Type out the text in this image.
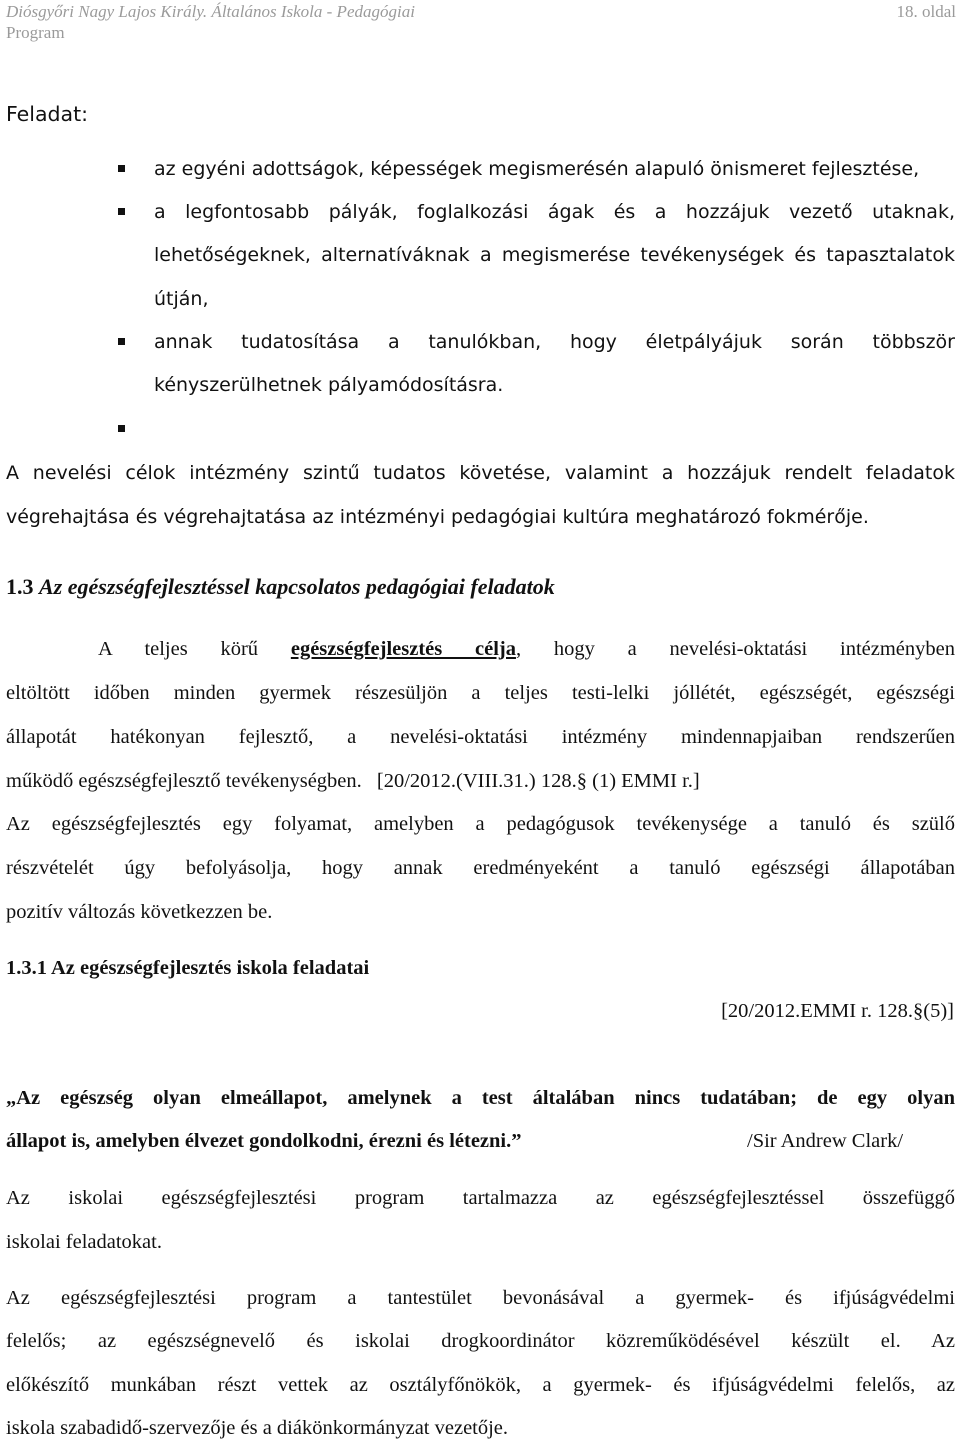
Diósgyőri Nagy Lajos Király. Általános Iskola - Pedagógiai
Program
18. oldal
Feladat:
az egyéni adottságok, képességek megismerésén alapuló önismeret fejlesztése,
a legfontosabb pályák, foglalkozási ágak és a hozzájuk vezető utaknak,
lehetőségeknek, alternatíváknak a megismerése tevékenységek és tapasztalatok
útján,
annak tudatosítása a tanulókban, hogy életpályájuk során többször
kényszerülhetnek pályamódosításra.
A nevelési célok intézmény szintű tudatos követése, valamint a hozzájuk rendelt feladatok
végrehajtása és végrehajtatása az intézményi pedagógiai kultúra meghatározó fokmérője.
1.3 Az egészségfejlesztéssel kapcsolatos pedagógiai feladatok
A teljes körű egészségfejlesztés célja, hogy a nevelési-oktatási intézményben
eltöltött időben minden gyermek részesüljön a teljes testi-lelki jóllétét, egészségét, egészségi
állapotát hatékonyan fejlesztő, a nevelési-oktatási intézmény mindennapjaiban rendszerűen
működő egészségfejlesztő tevékenységben. [20/2012.(VIII.31.) 128.§ (1) EMMI r.]
Az egészségfejlesztés egy folyamat, amelyben a pedagógusok tevékenysége a tanuló és szülő
részvételét úgy befolyásolja, hogy annak eredményeként a tanuló egészségi állapotában
pozitív változás következzen be.
1.3.1 Az egészségfejlesztés iskola feladatai
[20/2012.EMMI r. 128.§(5)]
„Az egészség olyan elmeállapot, amelynek a test általában nincs tudatában; de egy olyan
állapot is, amelyben élvezet gondolkodni, érezni és létezni.”	/Sir Andrew Clark/
Az iskolai egészségfejlesztési program tartalmazza az egészségfejlesztéssel összefüggő
iskolai feladatokat.
Az egészségfejlesztési program a tantestület bevonásával a gyermek- és ifjúságvédelmi
felelős; az egészségnevelő és iskolai drogkoordinátor közreműködésével készült el. Az
előkészítő munkában részt vettek az osztályfőnökök, a gyermek- és ifjúságvédelmi felelős, az
iskola szabadidő-szervezője és a diákönkormányzat vezetője.
